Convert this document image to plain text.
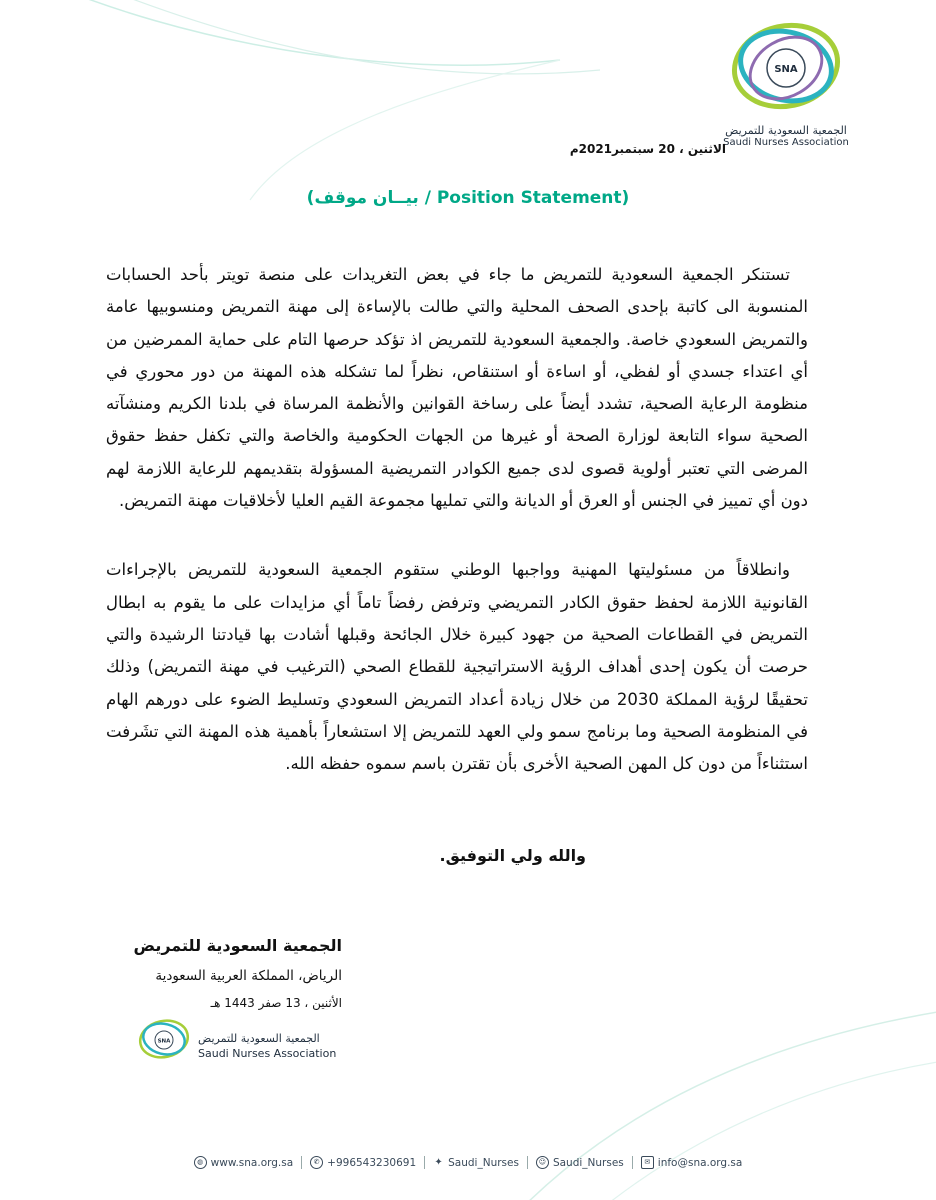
SNA
الجمعية السعودية للتمريض
Saudi Nurses Association
الاثنين ، 20 سبتمبر2021م
(بيــان موقف / Position Statement)

تستنكر الجمعية السعودية للتمريض ما جاء في بعض التغريدات على منصة تويتر بأحد الحسابات المنسوبة الى كاتبة بإحدى الصحف المحلية والتي طالت بالإساءة إلى مهنة التمريض ومنسوبيها عامة والتمريض السعودي خاصة. والجمعية السعودية للتمريض اذ تؤكد حرصها التام على حماية الممرضين من أي اعتداء جسدي أو لفظي، أو اساءة أو استنقاص، نظراً لما تشكله هذه المهنة من دور محوري في منظومة الرعاية الصحية، تشدد أيضاً على رساخة القوانين والأنظمة المرساة في بلدنا الكريم ومنشآته الصحية سواء التابعة لوزارة الصحة أو غيرها من الجهات الحكومية والخاصة والتي تكفل حفظ حقوق المرضى التي تعتبر أولوية قصوى لدى جميع الكوادر التمريضية المسؤولة بتقديمهم للرعاية اللازمة لهم دون أي تمييز في الجنس أو العرق أو الديانة والتي تمليها مجموعة القيم العليا لأخلاقيات مهنة التمريض.

وانطلاقاً من مسئوليتها المهنية وواجبها الوطني ستقوم الجمعية السعودية للتمريض بالإجراءات القانونية اللازمة لحفظ حقوق الكادر التمريضي وترفض رفضاً تاماً أي مزايدات على ما يقوم به ابطال التمريض في القطاعات الصحية من جهود كبيرة خلال الجائحة وقبلها أشادت بها قيادتنا الرشيدة والتي حرصت أن يكون إحدى أهداف الرؤية الاستراتيجية للقطاع الصحي (الترغيب في مهنة التمريض) وذلك تحقيقًا لرؤية المملكة 2030 من خلال زيادة أعداد التمريض السعودي وتسليط الضوء على دورهم الهام في المنظومة الصحية وما برنامج سمو ولي العهد للتمريض إلا استشعاراً بأهمية هذه المهنة التي تشَرفت استثناءاً من دون كل المهن الصحية الأخرى بأن تقترن باسم سموه حفظه الله.

والله ولي التوفيق.
الجمعية السعودية للتمريض
الرياض، المملكة العربية السعودية
الأثنين ، 13 صفر 1443 هـ
SNA	الجمعية السعودية للتمريض
Saudi Nurses Association
◍ www.sna.org.sa	✆ +996543230691 ✦ Saudi_Nurses	☺ Saudi_Nurses	✉ info@sna.org.sa
